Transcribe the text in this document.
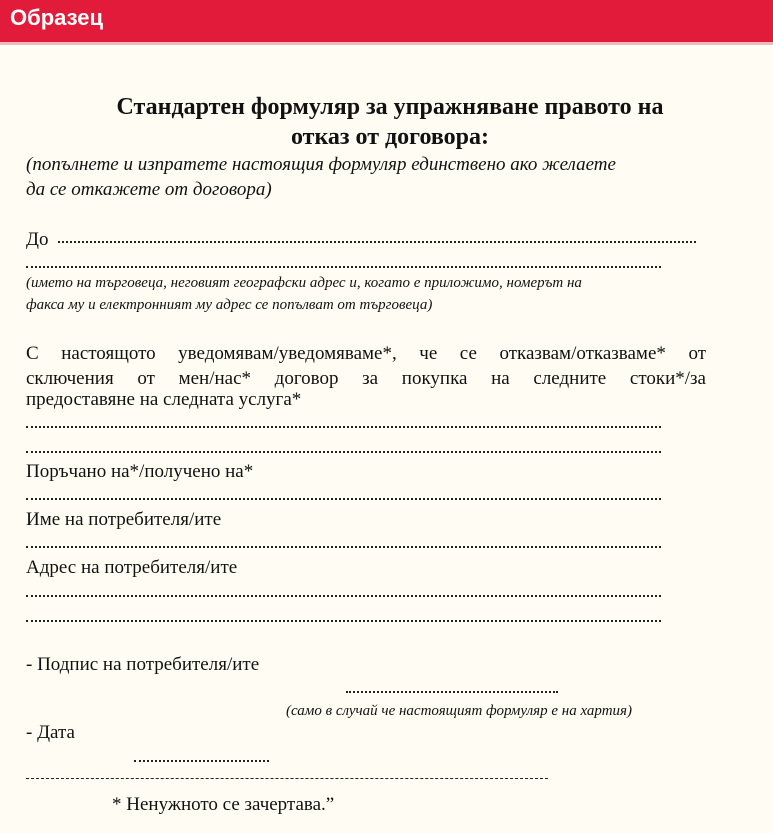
Образец
Стандартен формуляр за упражняване правото на
отказ от договора:
(попълнете и изпратете настоящия формуляр единствено ако желаете
да се откажете от договора)
До
(името на търговеца, неговият географски адрес и, когато е приложимо, номерът на
факса му и електронният му адрес се попълват от търговеца)
С настоящото уведомявам/уведомяваме*, че се отказвам/отказваме* от
сключения от мен/нас* договор за покупка на следните стоки*/за
предоставяне на следната услуга*
Поръчано на*/получено на*
Име на потребителя/ите
Адрес на потребителя/ите
- Подпис на потребителя/ите
(само в случай че настоящият формуляр е на хартия)
- Дата
* Ненужното се зачертава.”
